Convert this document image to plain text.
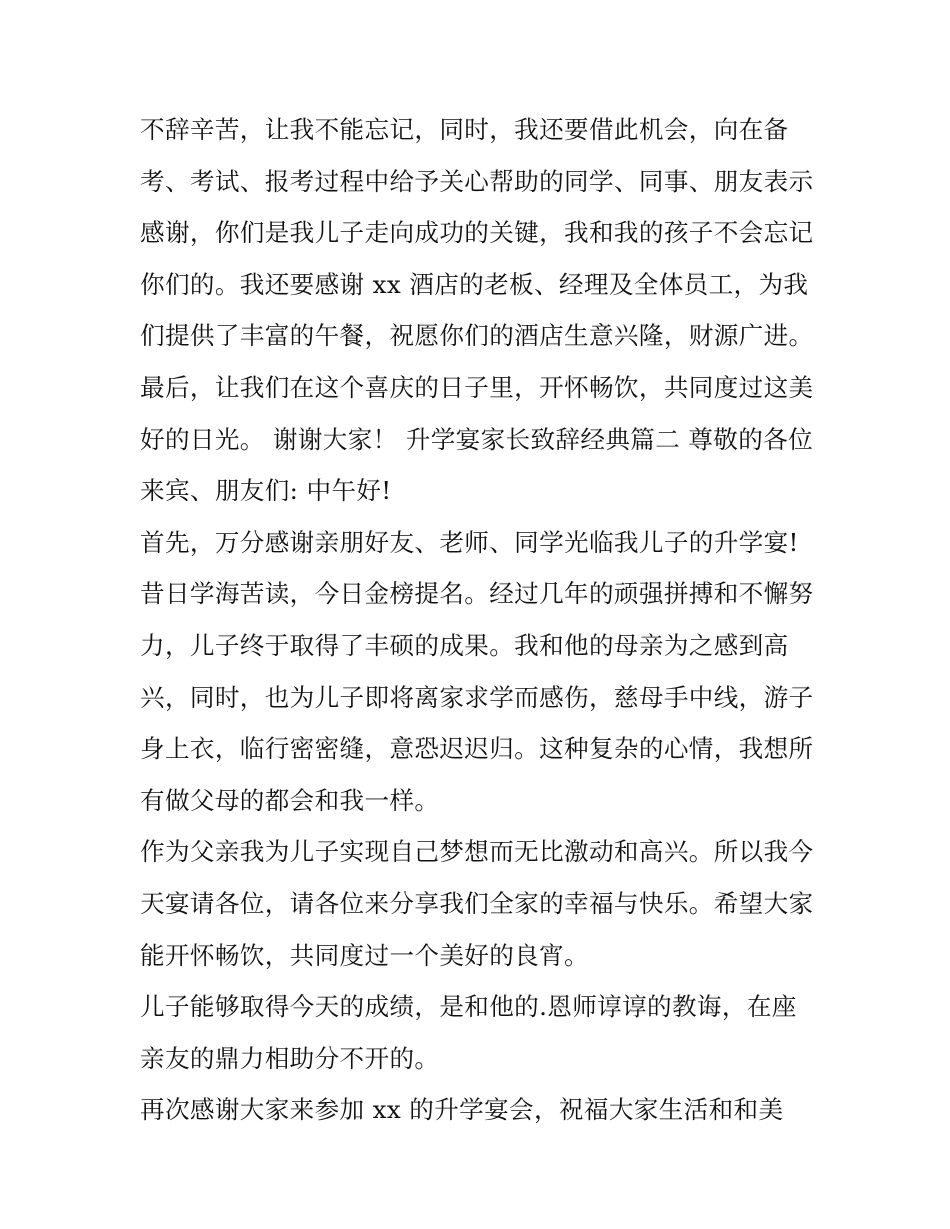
不辞辛苦，让我不能忘记，同时，我还要借此机会，向在备
考、考试、报考过程中给予关心帮助的同学、同事、朋友表示
感谢，你们是我儿子走向成功的关键，我和我的孩子不会忘记
你们的。我还要感谢 xx 酒店的老板、经理及全体员工，为我
们提供了丰富的午餐，祝愿你们的酒店生意兴隆，财源广进。
最后，让我们在这个喜庆的日子里，开怀畅饮，共同度过这美
好的日光。 谢谢大家！ 升学宴家长致辞经典篇二 尊敬的各位
来宾、朋友们: 中午好!
首先，万分感谢亲朋好友、老师、同学光临我儿子的升学宴!
昔日学海苦读，今日金榜提名。经过几年的顽强拼搏和不懈努
力，儿子终于取得了丰硕的成果。我和他的母亲为之感到高
兴，同时，也为儿子即将离家求学而感伤，慈母手中线，游子
身上衣，临行密密缝，意恐迟迟归。这种复杂的心情，我想所
有做父母的都会和我一样。
作为父亲我为儿子实现自己梦想而无比激动和高兴。所以我今
天宴请各位，请各位来分享我们全家的幸福与快乐。希望大家
能开怀畅饮，共同度过一个美好的良宵。
儿子能够取得今天的成绩，是和他的.恩师谆谆的教诲，在座
亲友的鼎力相助分不开的。
再次感谢大家来参加 xx 的升学宴会，祝福大家生活和和美
